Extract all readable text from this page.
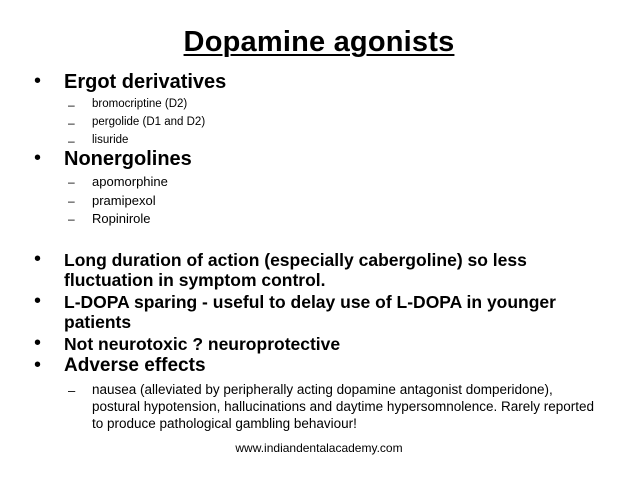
Dopamine agonists
• Ergot derivatives
– bromocriptine (D2)
– pergolide (D1 and D2)
– lisuride
• Nonergolines
– apomorphine
– pramipexol
– Ropinirole
• Long duration of action (especially cabergoline) so less fluctuation in symptom control.
• L-DOPA sparing - useful to delay use of L-DOPA in younger patients
• Not neurotoxic ? neuroprotective
• Adverse effects
– nausea (alleviated by peripherally acting dopamine antagonist domperidone), postural hypotension, hallucinations and daytime hypersomnolence. Rarely reported to produce pathological gambling behaviour!
www.indiandentalacademy.com
